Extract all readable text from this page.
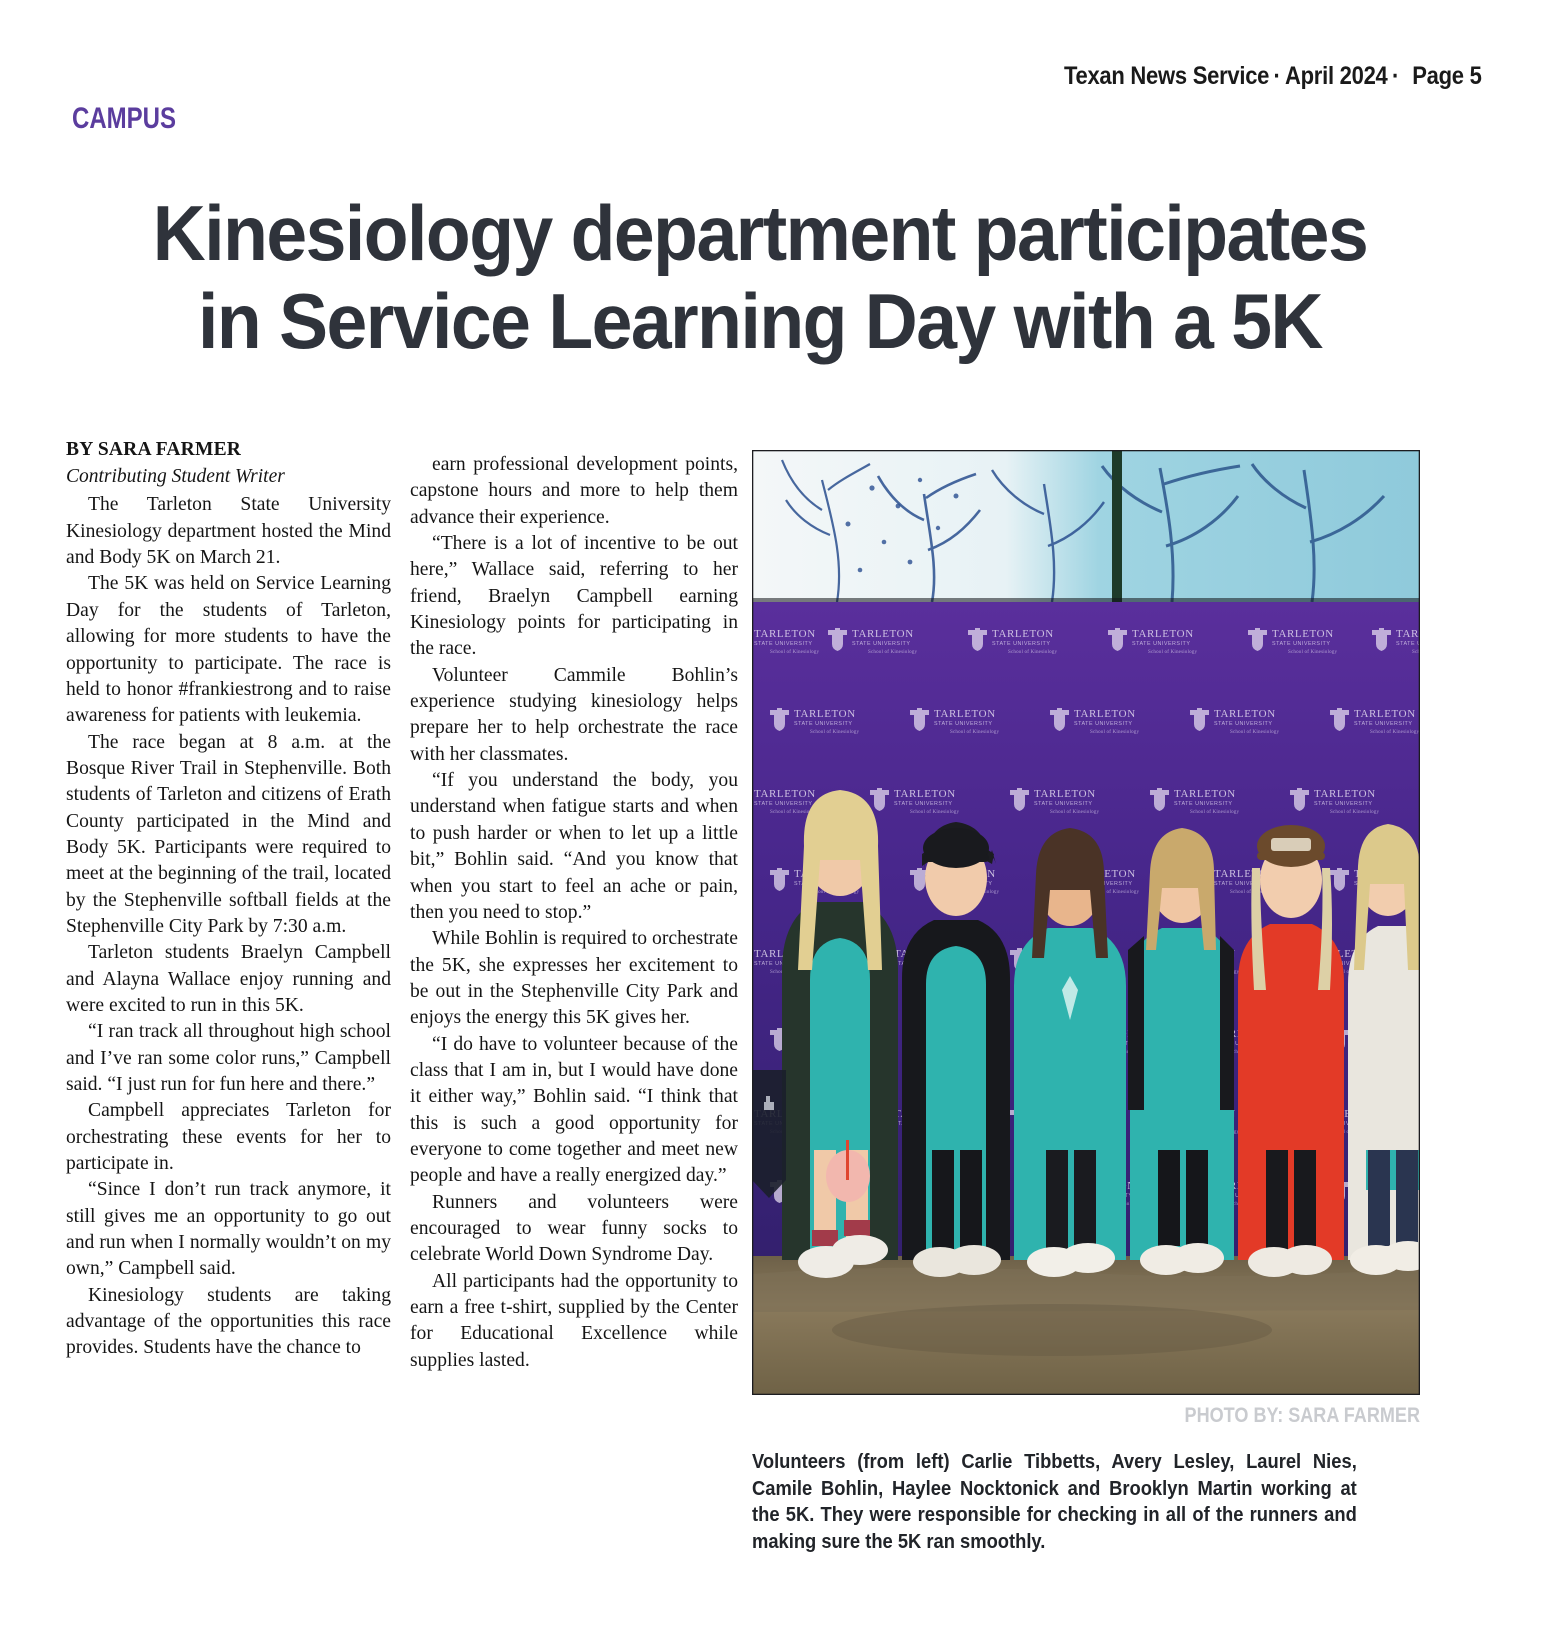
Texan News Service · April 2024 · Page 5
CAMPUS
Kinesiology department participates in Service Learning Day with a 5K

BY SARA FARMER

Contributing Student Writer

The Tarleton State University Kinesiology department hosted the Mind and Body 5K on March 21.

The 5K was held on Service Learning Day for the students of Tarleton, allowing for more students to have the opportunity to participate. The race is held to honor #frankiestrong and to raise awareness for patients with leukemia.

The race began at 8 a.m. at the Bosque River Trail in Stephenville. Both students of Tarleton and citizens of Erath County participated in the Mind and Body 5K. Participants were required to meet at the beginning of the trail, located by the Stephenville softball fields at the Stephenville City Park by 7:30 a.m.

Tarleton students Braelyn Campbell and Alayna Wallace enjoy running and were excited to run in this 5K.

“I ran track all throughout high school and I’ve ran some color runs,” Campbell said. “I just run for fun here and there.”

Campbell appreciates Tarleton for orchestrating these events for her to participate in.

“Since I don’t run track anymore, it still gives me an opportunity to go out and run when I normally wouldn’t on my own,” Campbell said.

Kinesiology students are taking advantage of the opportunities this race provides. Students have the chance to

earn professional development points, capstone hours and more to help them advance their experience.

“There is a lot of incentive to be out here,” Wallace said, referring to her friend, Braelyn Campbell earning Kinesiology points for participating in the race.

Volunteer Cammile Bohlin’s experience studying kinesiology helps prepare her to help orchestrate the race with her classmates.

“If you understand the body, you understand when fatigue starts and when to push harder or when to let up a little bit,” Bohlin said. “And you know that when you start to feel an ache or pain, then you need to stop.”

While Bohlin is required to orchestrate the 5K, she expresses her excitement to be out in the Stephenville City Park and enjoys the energy this 5K gives her.

“I do have to volunteer because of the class that I am in, but I would have done it either way,” Bohlin said. “I think that this is such a good opportunity for everyone to come together and meet new people and have a really energized day.”

Runners and volunteers were encouraged to wear funny socks to celebrate World Down Syndrome Day.

All participants had the opportunity to earn a free t-shirt, supplied by the Center for Educational Excellence while supplies lasted.

PHOTO BY: SARA FARMER
Volunteers (from left) Carlie Tibbetts, Avery Lesley, Laurel Nies, Camile Bohlin, Haylee Nocktonick and Brooklyn Martin working at the 5K. They were responsible for checking in all of the runners and making sure the 5K ran smoothly.
